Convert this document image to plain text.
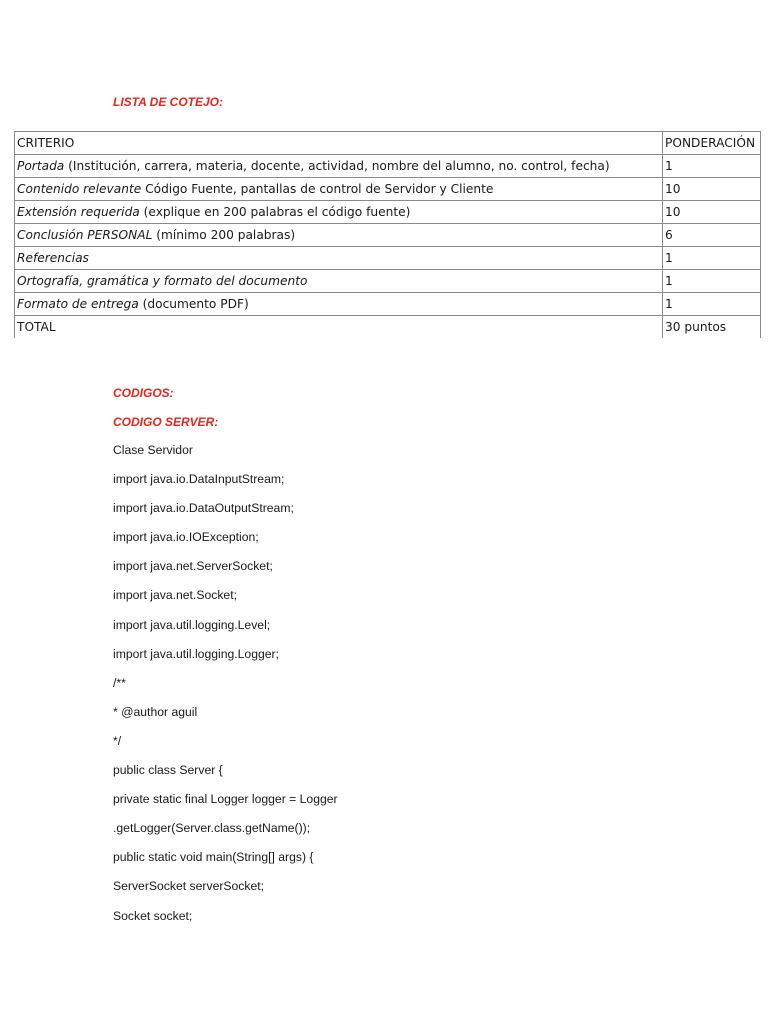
LISTA DE COTEJO:
CRITERIO	PONDERACIÓN
Portada (Institución, carrera, materia, docente, actividad, nombre del alumno, no. control, fecha)	1
Contenido relevante Código Fuente, pantallas de control de Servidor y Cliente	10
Extensión requerida (explique en 200 palabras el código fuente)	10
Conclusión PERSONAL (mínimo 200 palabras)	6
Referencias	1
Ortografía, gramática y formato del documento	1
Formato de entrega (documento PDF)	1
TOTAL	30 puntos
CODIGOS:
CODIGO SERVER:
Clase Servidor
import java.io.DataInputStream;
import java.io.DataOutputStream;
import java.io.IOException;
import java.net.ServerSocket;
import java.net.Socket;
import java.util.logging.Level;
import java.util.logging.Logger;
/**
* @author aguil
*/
public class Server {
private static final Logger logger = Logger
.getLogger(Server.class.getName());
public static void main(String[] args) {
ServerSocket serverSocket;
Socket socket;
